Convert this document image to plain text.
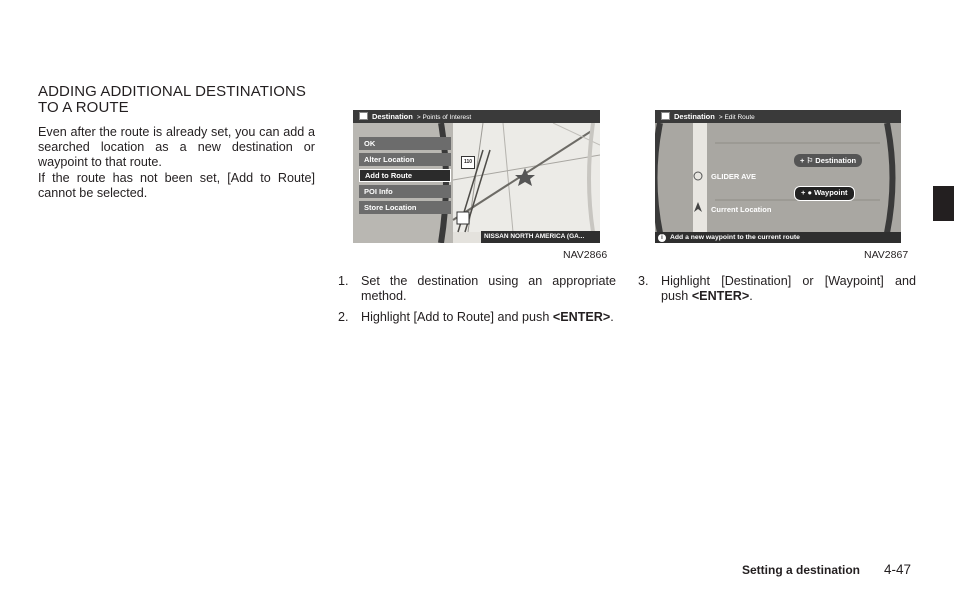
ADDING ADDITIONAL DESTINATIONS TO A ROUTE

Even after the route is already set, you can add a searched location as a new destination or waypoint to that route.

If the route has not been set, [Add to Route] cannot be selected.

Destination > Points of Interest
OK
Alter Location
Add to Route
POI Info
Store Location
110
NISSAN NORTH AMERICA (GA...
NAV2866
Destination > Edit Route
+ ⚐ Destination
GLIDER AVE
+ ● Waypoint
Current Location
i Add a new waypoint to the current route
NAV2867
1. Set the destination using an appropriate method.
2. Highlight [Add to Route] and push <ENTER>.
3. Highlight [Destination] or [Waypoint] and push <ENTER>.
Setting a destination 4-47
